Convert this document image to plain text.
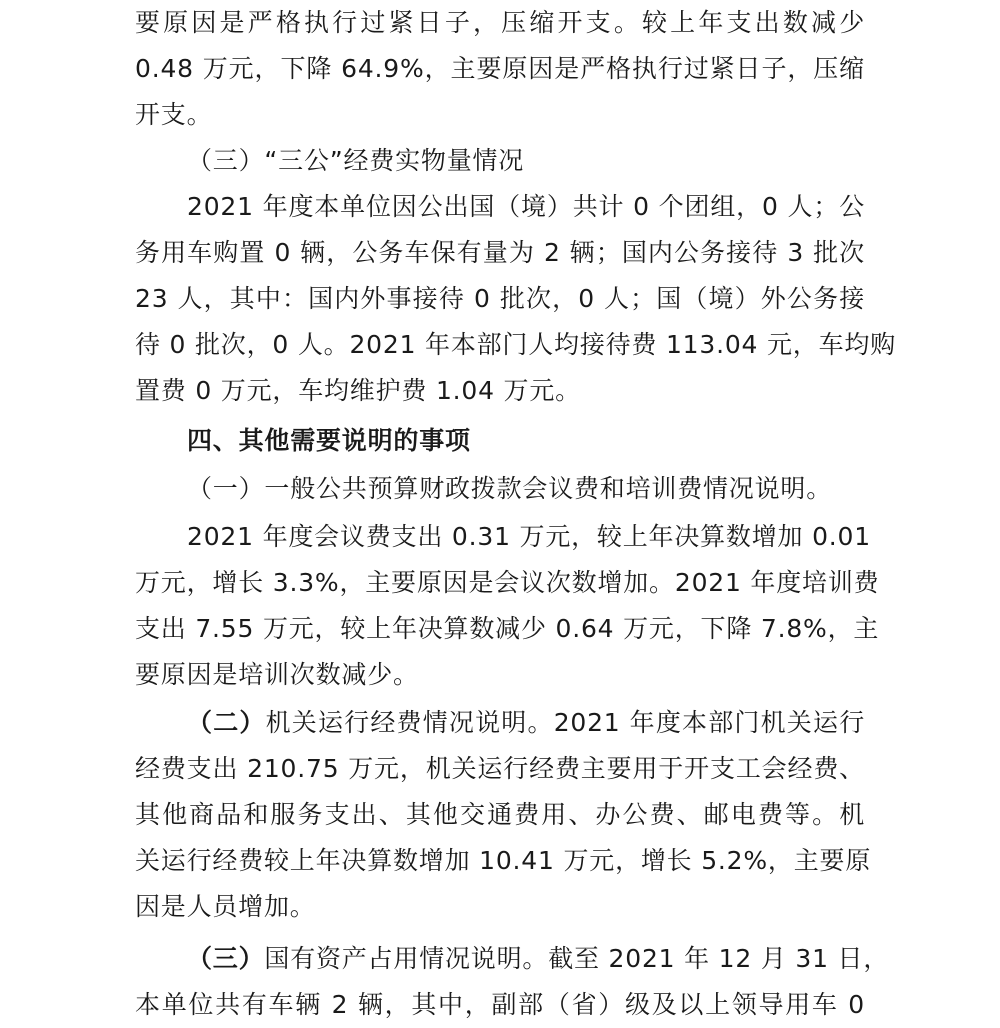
要原因是严格执行过紧日子，压缩开支。较上年支出数减少
0.48 万元，下降 64.9%，主要原因是严格执行过紧日子，压缩
开支。
（三）“三公”经费实物量情况
2021 年度本单位因公出国（境）共计 0 个团组，0 人；公
务用车购置 0 辆，公务车保有量为 2 辆；国内公务接待 3 批次
23 人，其中：国内外事接待 0 批次，0 人；国（境）外公务接
待 0 批次，0 人。2021 年本部门人均接待费 113.04 元，车均购
置费 0 万元，车均维护费 1.04 万元。
四、其他需要说明的事项
（一）一般公共预算财政拨款会议费和培训费情况说明。
2021 年度会议费支出 0.31 万元，较上年决算数增加 0.01
万元，增长 3.3%，主要原因是会议次数增加。2021 年度培训费
支出 7.55 万元，较上年决算数减少 0.64 万元，下降 7.8%，主
要原因是培训次数减少。
（二）机关运行经费情况说明。2021 年度本部门机关运行
经费支出 210.75 万元，机关运行经费主要用于开支工会经费、
其他商品和服务支出、其他交通费用、办公费、邮电费等。机
关运行经费较上年决算数增加 10.41 万元，增长 5.2%，主要原
因是人员增加。
（三）国有资产占用情况说明。截至 2021 年 12 月 31 日，
本单位共有车辆 2 辆，其中，副部（省）级及以上领导用车 0
